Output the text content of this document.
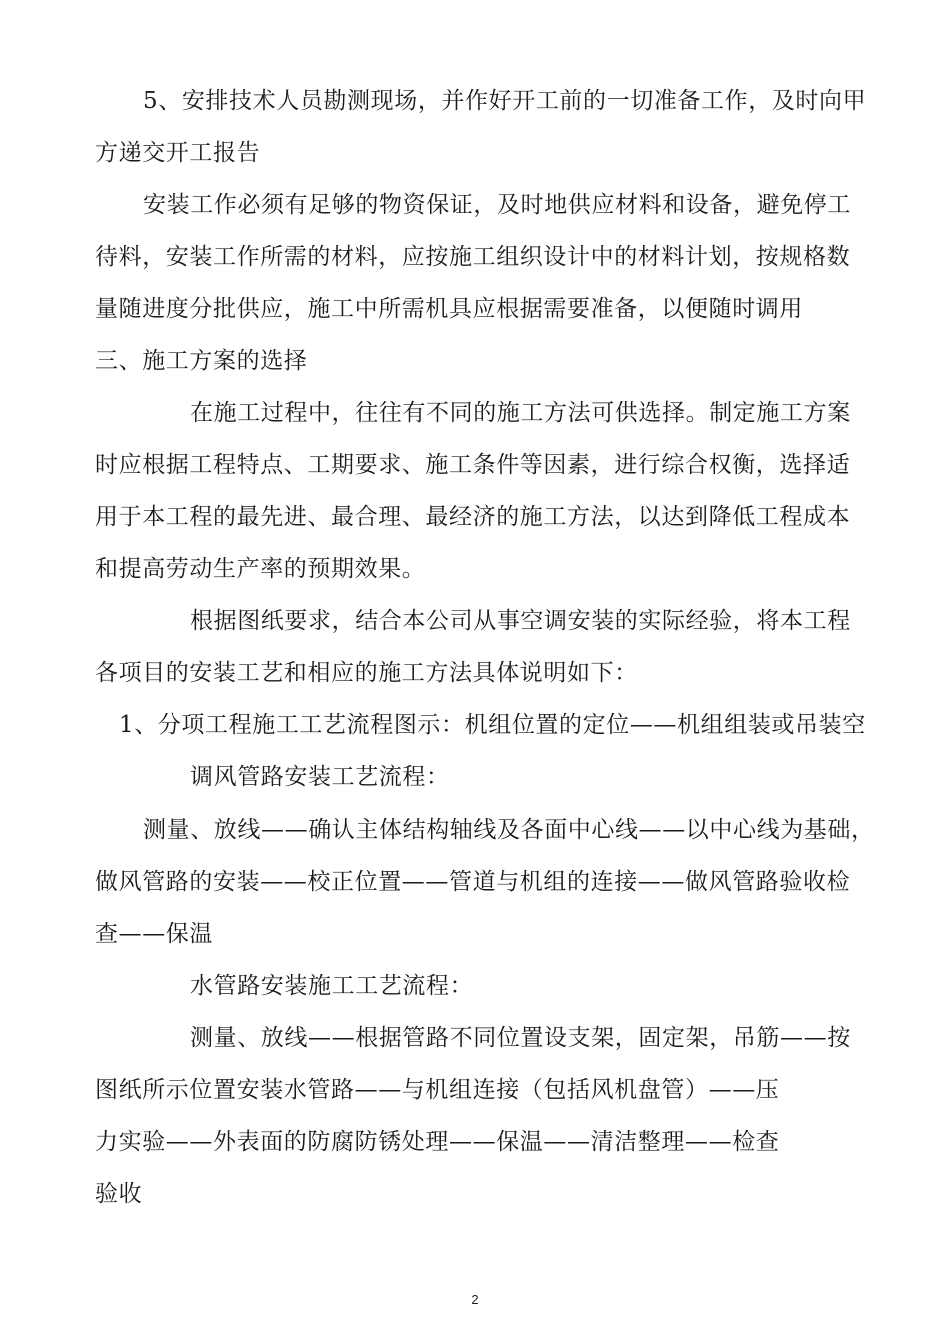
5、安排技术人员勘测现场，并作好开工前的一切准备工作，及时向甲
方递交开工报告
安装工作必须有足够的物资保证，及时地供应材料和设备，避免停工
待料，安装工作所需的材料，应按施工组织设计中的材料计划，按规格数
量随进度分批供应，施工中所需机具应根据需要准备，以便随时调用
三、施工方案的选择
在施工过程中，往往有不同的施工方法可供选择。制定施工方案
时应根据工程特点、工期要求、施工条件等因素，进行综合权衡，选择适
用于本工程的最先进、最合理、最经济的施工方法，以达到降低工程成本
和提高劳动生产率的预期效果。
根据图纸要求，结合本公司从事空调安装的实际经验，将本工程
各项目的安装工艺和相应的施工方法具体说明如下：
1、分项工程施工工艺流程图示：机组位置的定位——机组组装或吊装空
调风管路安装工艺流程：
测量、放线——确认主体结构轴线及各面中心线——以中心线为基础，
做风管路的安装——校正位置——管道与机组的连接——做风管路验收检
查——保温
水管路安装施工工艺流程：
测量、放线——根据管路不同位置设支架，固定架，吊筋——按
图纸所示位置安装水管路——与机组连接（包括风机盘管）——压
力实验——外表面的防腐防锈处理——保温——清洁整理——检查
验收
2
